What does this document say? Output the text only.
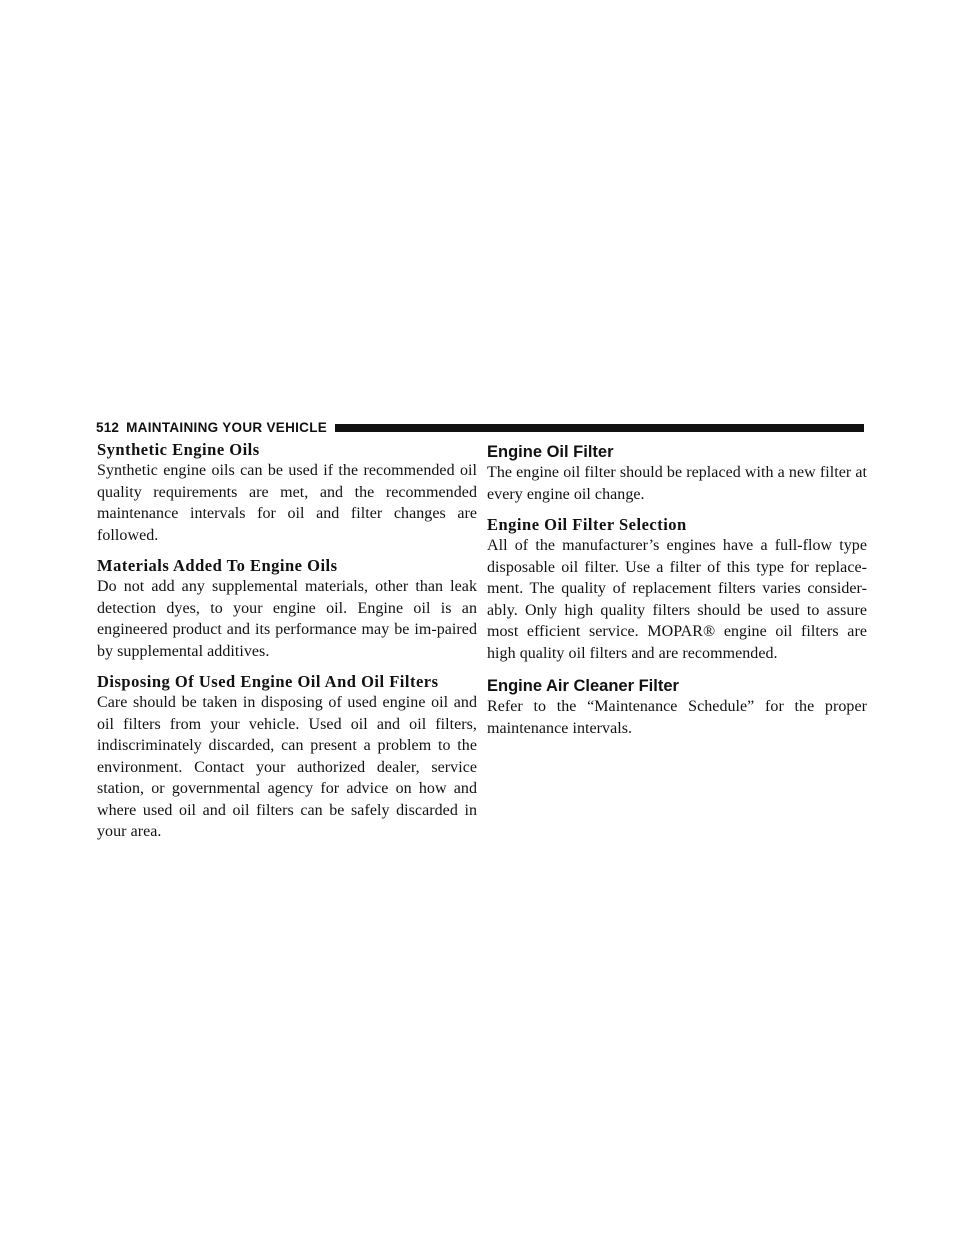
512 MAINTAINING YOUR VEHICLE
Synthetic Engine Oils

Synthetic engine oils can be used if the recommended oil quality requirements are met, and the recommended maintenance intervals for oil and filter changes are followed.

Materials Added To Engine Oils

Do not add any supplemental materials, other than leak detection dyes, to your engine oil. Engine oil is an engineered product and its performance may be im-paired by supplemental additives.

Disposing Of Used Engine Oil And Oil Filters

Care should be taken in disposing of used engine oil and oil filters from your vehicle. Used oil and oil filters, indiscriminately discarded, can present a problem to the environment. Contact your authorized dealer, service station, or governmental agency for advice on how and where used oil and oil filters can be safely discarded in your area.

Engine Oil Filter

The engine oil filter should be replaced with a new filter at every engine oil change.

Engine Oil Filter Selection

All of the manufacturer’s engines have a full-flow type disposable oil filter. Use a filter of this type for replace-ment. The quality of replacement filters varies consider-ably. Only high quality filters should be used to assure most efficient service. MOPAR® engine oil filters are high quality oil filters and are recommended.

Engine Air Cleaner Filter

Refer to the “Maintenance Schedule” for the proper maintenance intervals.
